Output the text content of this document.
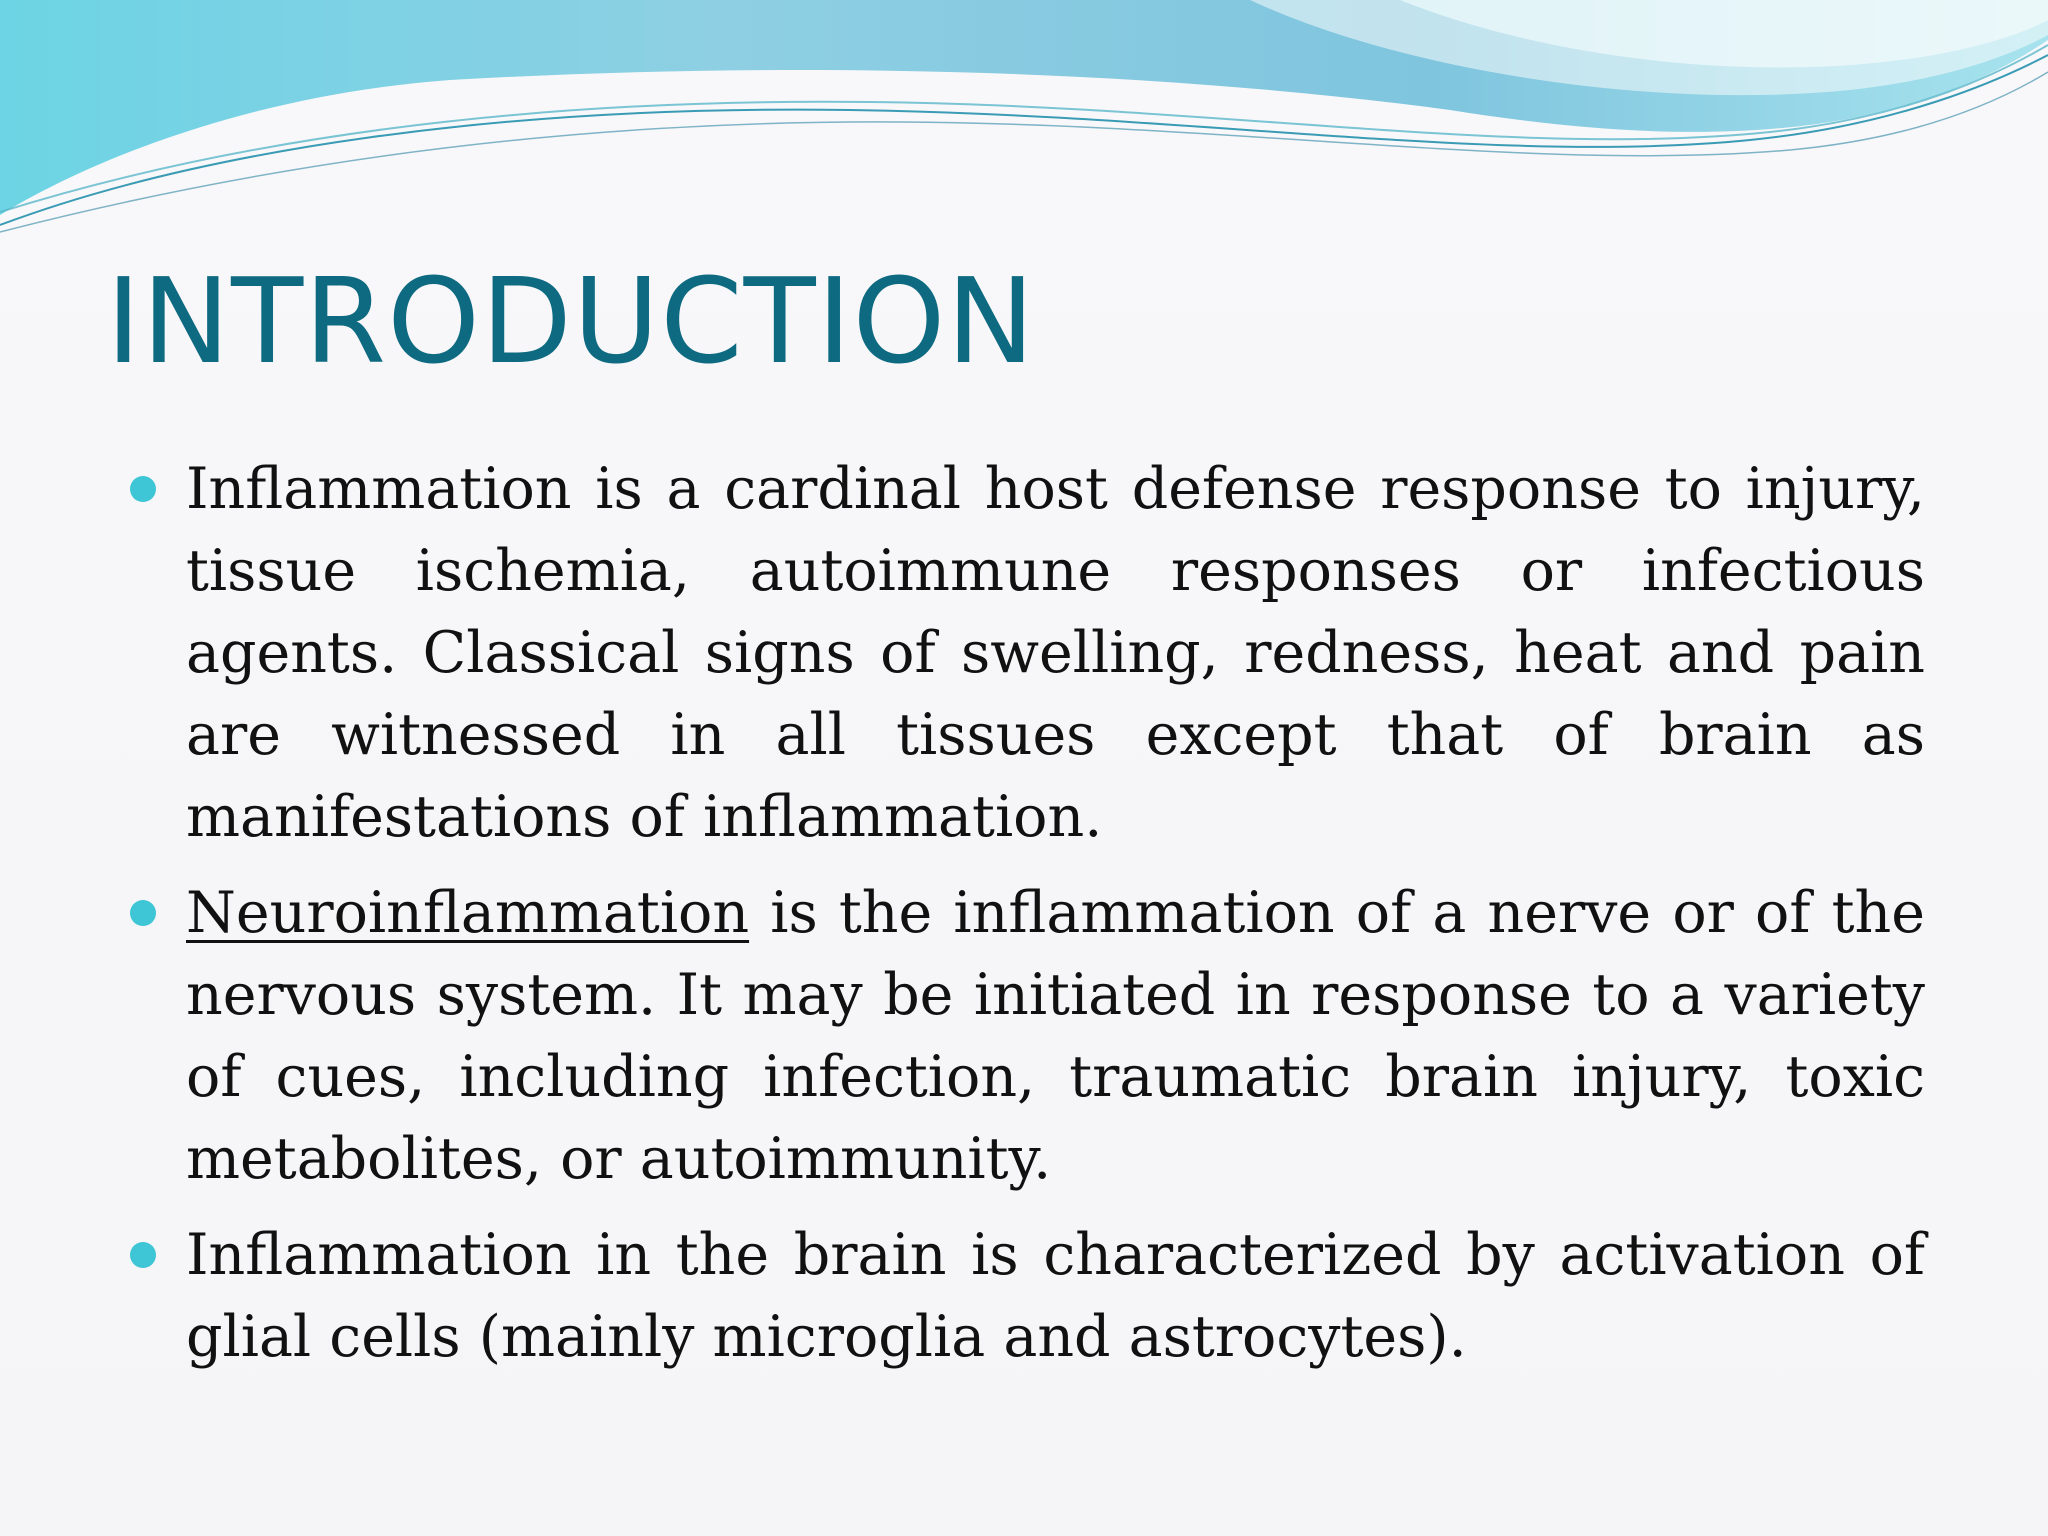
INTRODUCTION
Inflammation is a cardinal host defense response to injury, tissue ischemia, autoimmune responses or infectious agents. Classical signs of swelling, redness, heat and pain are witnessed in all tissues except that of brain as manifestations of inflammation.
Neuroinflammation is the inflammation of a nerve or of the nervous system. It may be initiated in response to a variety of cues, including infection, traumatic brain injury, toxic metabolites, or autoimmunity.
Inflammation in the brain is characterized by activation of glial cells (mainly microglia and astrocytes).
